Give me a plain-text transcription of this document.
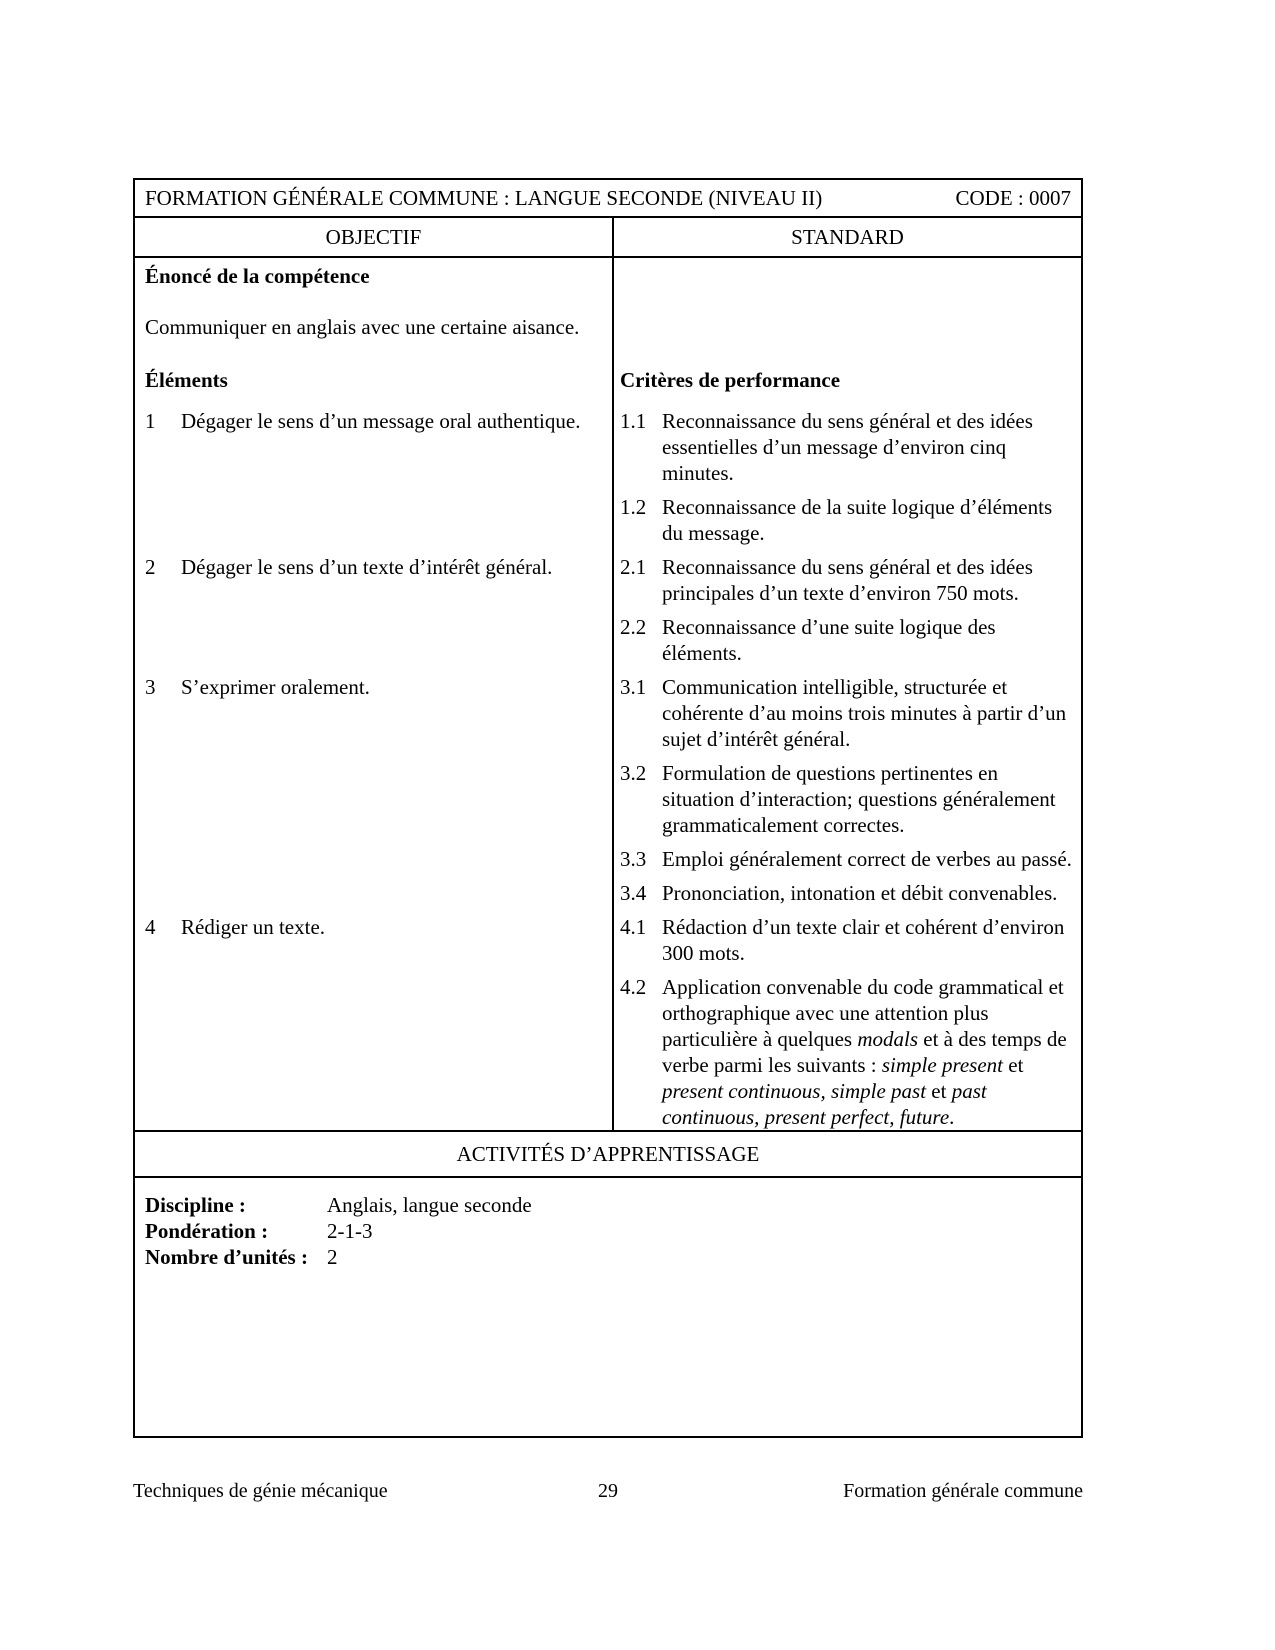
FORMATION GÉNÉRALE COMMUNE : LANGUE SECONDE (NIVEAU II)	CODE : 0007
OBJECTIF	STANDARD
Énoncé de la compétence
Communiquer en anglais avec une certaine aisance.
Éléments	Critères de performance
1	Dégager le sens d’un message oral authentique.	1.1 Reconnaissance du sens général et des idées essentielles d’un message d’environ cinq minutes.
1.2 Reconnaissance de la suite logique d’éléments du message.
2	Dégager le sens d’un texte d’intérêt général.	2.1 Reconnaissance du sens général et des idées principales d’un texte d’environ 750 mots.
2.2 Reconnaissance d’une suite logique des éléments.
3	S’exprimer oralement.	3.1 Communication intelligible, structurée et cohérente d’au moins trois minutes à partir d’un sujet d’intérêt général.
3.2 Formulation de questions pertinentes en situation d’interaction; questions généralement grammaticalement correctes.
3.3 Emploi généralement correct de verbes au passé.
3.4 Prononciation, intonation et débit convenables.
4	Rédiger un texte.	4.1 Rédaction d’un texte clair et cohérent d’environ 300 mots.
4.2 Application convenable du code grammatical et orthographique avec une attention plus particulière à quelques modals et à des temps de verbe parmi les suivants : simple present et present continuous, simple past et past continuous, present perfect, future.
ACTIVITÉS D’APPRENTISSAGE
Discipline :	Anglais, langue seconde
Pondération :	2-1-3
Nombre d’unités : 2
Techniques de génie mécanique	29	Formation générale commune
